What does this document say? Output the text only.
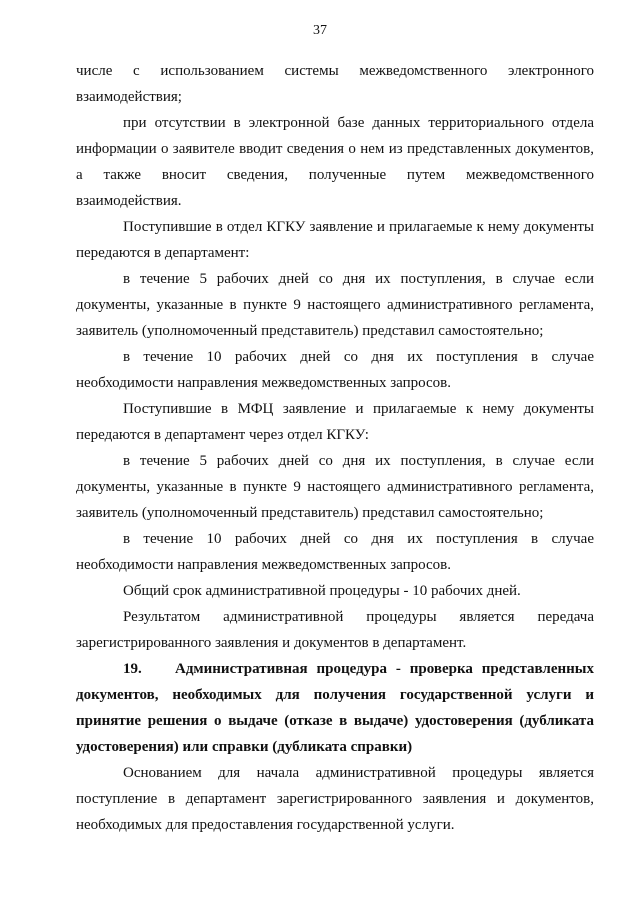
37

числе с использованием системы межведомственного электронного взаимодействия;

при отсутствии в электронной базе данных территориального отдела информации о заявителе вводит сведения о нем из представленных документов, а также вносит сведения, полученные путем межведомственного взаимодействия.

Поступившие в отдел КГКУ заявление и прилагаемые к нему документы передаются в департамент:

в течение 5 рабочих дней со дня их поступления, в случае если документы, указанные в пункте 9 настоящего административного регламента, заявитель (уполномоченный представитель) представил самостоятельно;

в течение 10 рабочих дней со дня их поступления в случае необходимости направления межведомственных запросов.

Поступившие в МФЦ заявление и прилагаемые к нему документы передаются в департамент через отдел КГКУ:

в течение 5 рабочих дней со дня их поступления, в случае если документы, указанные в пункте 9 настоящего административного регламента, заявитель (уполномоченный представитель) представил самостоятельно;

в течение 10 рабочих дней со дня их поступления в случае необходимости направления межведомственных запросов.

Общий срок административной процедуры - 10 рабочих дней.

Результатом административной процедуры является передача зарегистрированного заявления и документов в департамент.

19. Административная процедура - проверка представленных документов, необходимых для получения государственной услуги и принятие решения о выдаче (отказе в выдаче) удостоверения (дубликата удостоверения) или справки (дубликата справки)

Основанием для начала административной процедуры является поступление в департамент зарегистрированного заявления и документов, необходимых для предоставления государственной услуги.
